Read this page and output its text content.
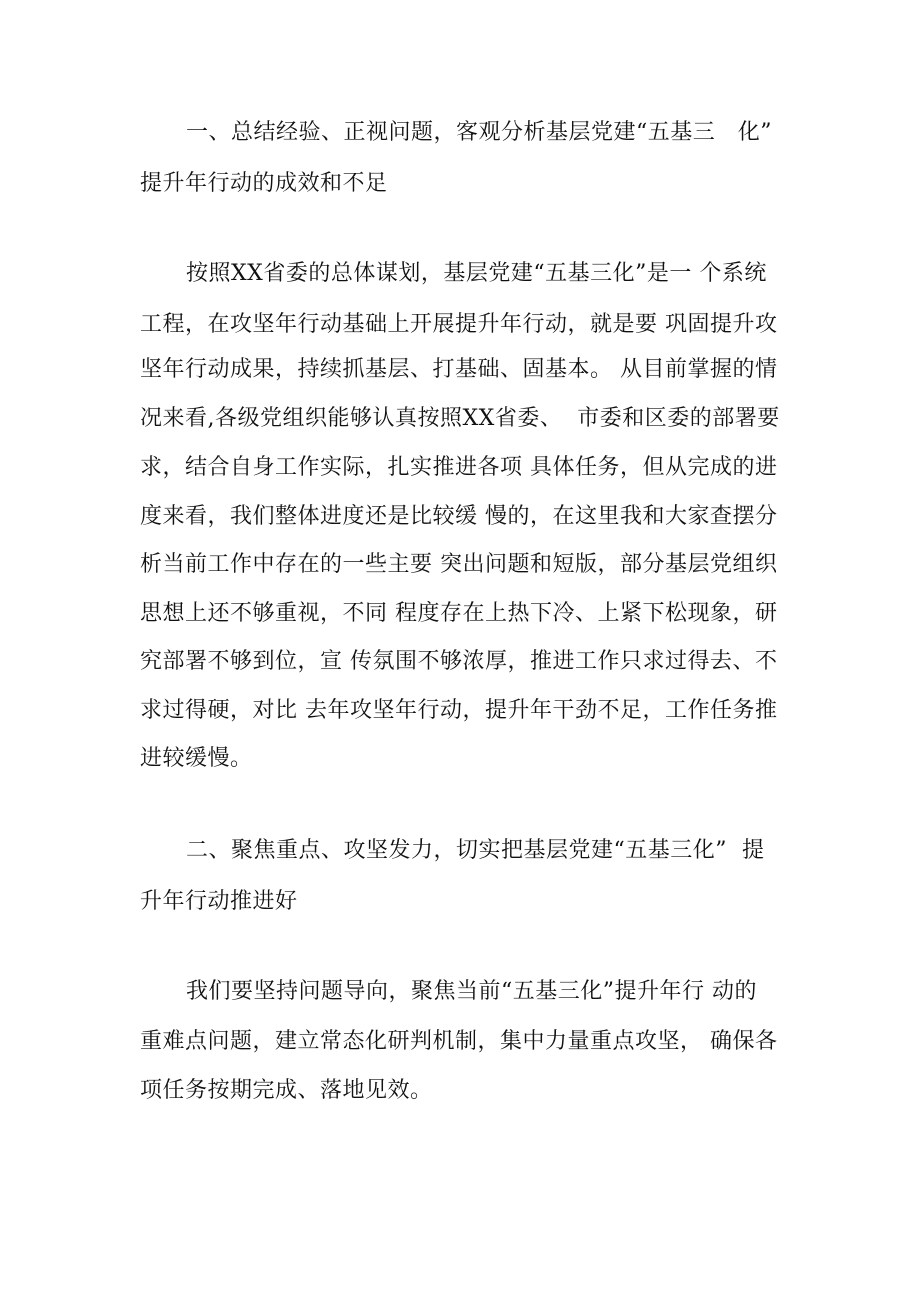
一、总结经验、正视问题，客观分析基层党建“五基三   化”
提升年行动的成效和不足
按照XX省委的总体谋划，基层党建“五基三化”是一 个系统
工程，在攻坚年行动基础上开展提升年行动，就是要 巩固提升攻
坚年行动成果，持续抓基层、打基础、固基本。 从目前掌握的情
况来看,各级党组织能够认真按照XX省委、  市委和区委的部署要
求，结合自身工作实际，扎实推进各项 具体任务，但从完成的进
度来看，我们整体进度还是比较缓 慢的，在这里我和大家查摆分
析当前工作中存在的一些主要 突出问题和短版，部分基层党组织
思想上还不够重视，不同 程度存在上热下冷、上紧下松现象，研
究部署不够到位，宣 传氛围不够浓厚，推进工作只求过得去、不
求过得硬，对比 去年攻坚年行动，提升年干劲不足，工作任务推
进较缓慢。
二、聚焦重点、攻坚发力，切实把基层党建“五基三化”  提
升年行动推进好
我们要坚持问题导向，聚焦当前“五基三化”提升年行 动的
重难点问题，建立常态化研判机制，集中力量重点攻坚， 确保各
项任务按期完成、落地见效。
